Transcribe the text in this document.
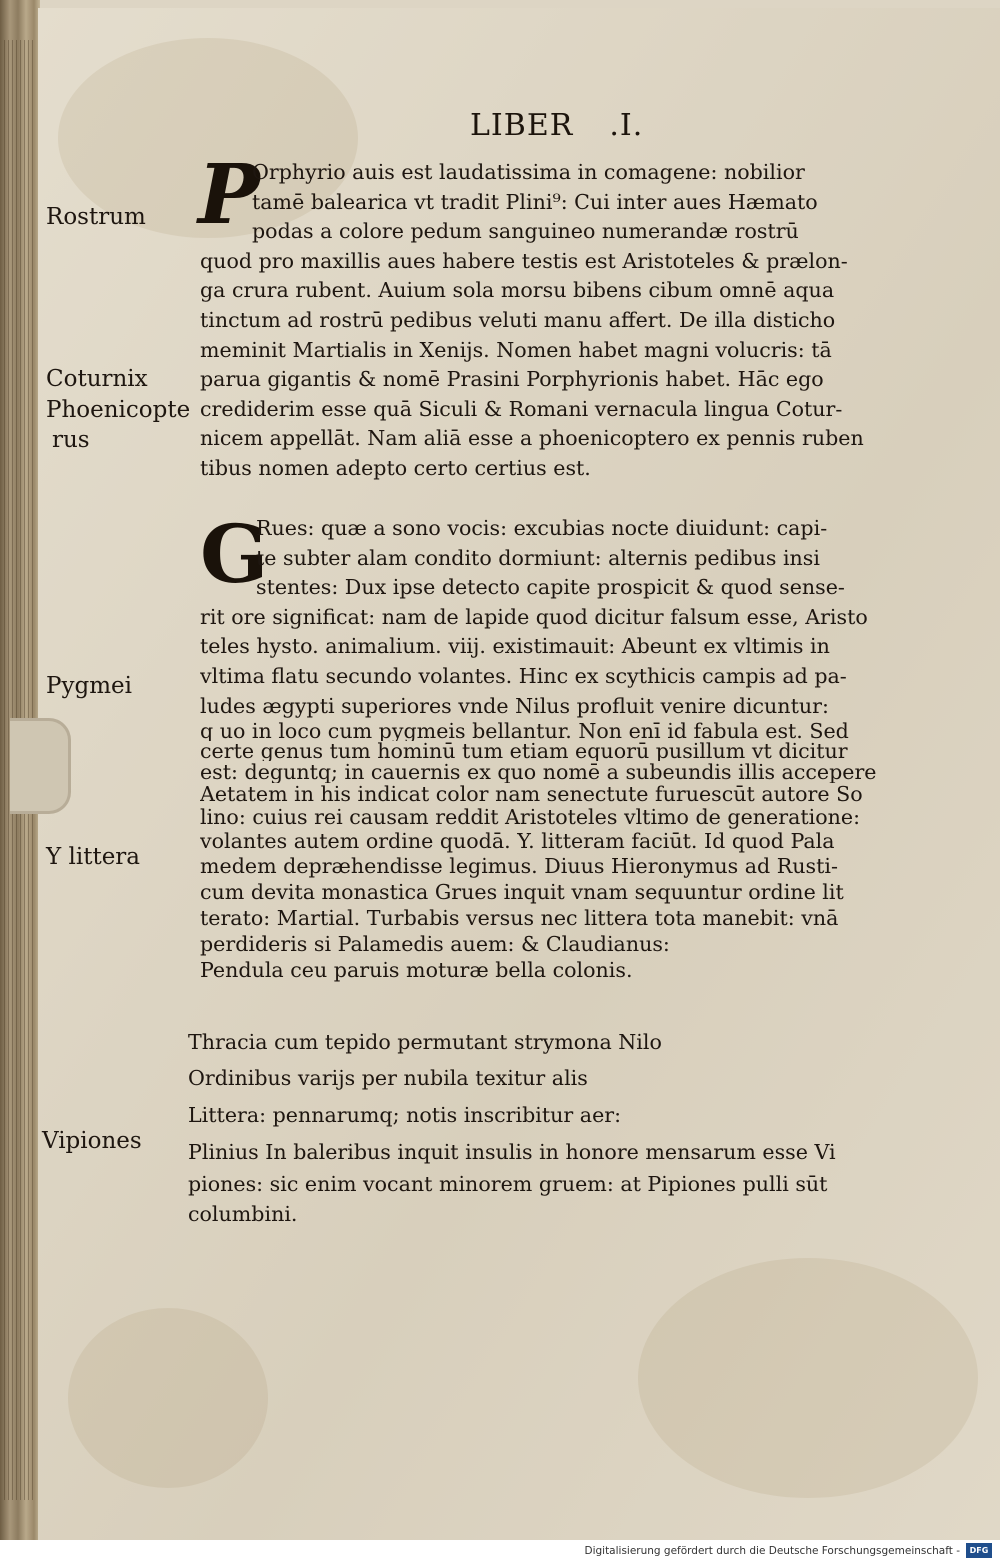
LIBER .I.
P
G
Rostrum
Coturnix
Phoenicopte
rus
Pygmei
Y littera
Vipiones
Orphyrio auis est laudatissima in comagene: nobilior
tamē balearica vt tradit Plini⁹: Cui inter aues Hæmato
podas a colore pedum sanguineo numerandæ rostrū
quod pro maxillis aues habere testis est Aristoteles & prælon-
ga crura rubent. Auium sola morsu bibens cibum omnē aqua
tinctum ad rostrū pedibus veluti manu affert. De illa disticho
meminit Martialis in Xenijs. Nomen habet magni volucris: tā
parua gigantis & nomē Prasini Porphyrionis habet. Hāc ego
crediderim esse quā Siculi & Romani vernacula lingua Cotur-
nicem appellāt. Nam aliā esse a phoenicoptero ex pennis ruben
tibus nomen adepto certo certius est.
Rues: quæ a sono vocis: excubias nocte diuidunt: capi-
te subter alam condito dormiunt: alternis pedibus insi
stentes: Dux ipse detecto capite prospicit & quod sense-
rit ore significat: nam de lapide quod dicitur falsum esse, Aristo
teles hysto. animalium. viij. existimauit: Abeunt ex vltimis in
vltima flatu secundo volantes. Hinc ex scythicis campis ad pa-
ludes ægypti superiores vnde Nilus profluit venire dicuntur:
q uo in loco cum pygmeis bellantur. Non enī id fabula est. Sed
certe genus tum hominū tum etiam equorū pusillum vt dicitur
est: deguntq; in cauernis ex quo nomē a subeundis illis accepere
Aetatem in his indicat color nam senectute furuescūt autore So
lino: cuius rei causam reddit Aristoteles vltimo de generatione:
volantes autem ordine quodā. Y. litteram faciūt. Id quod Pala
medem depræhendisse legimus. Diuus Hieronymus ad Rusti-
cum devita monastica Grues inquit vnam sequuntur ordine lit
terato: Martial. Turbabis versus nec littera tota manebit: vnā
perdideris si Palamedis auem: & Claudianus:
Pendula ceu paruis moturæ bella colonis.
Thracia cum tepido permutant strymona Nilo
Ordinibus varijs per nubila texitur alis
Littera: pennarumq; notis inscribitur aer:
Plinius In baleribus inquit insulis in honore mensarum esse Vi
piones: sic enim vocant minorem gruem: at Pipiones pulli sūt
columbini.
Digitalisierung gefördert durch die Deutsche Forschungsgemeinschaft -	DFG
